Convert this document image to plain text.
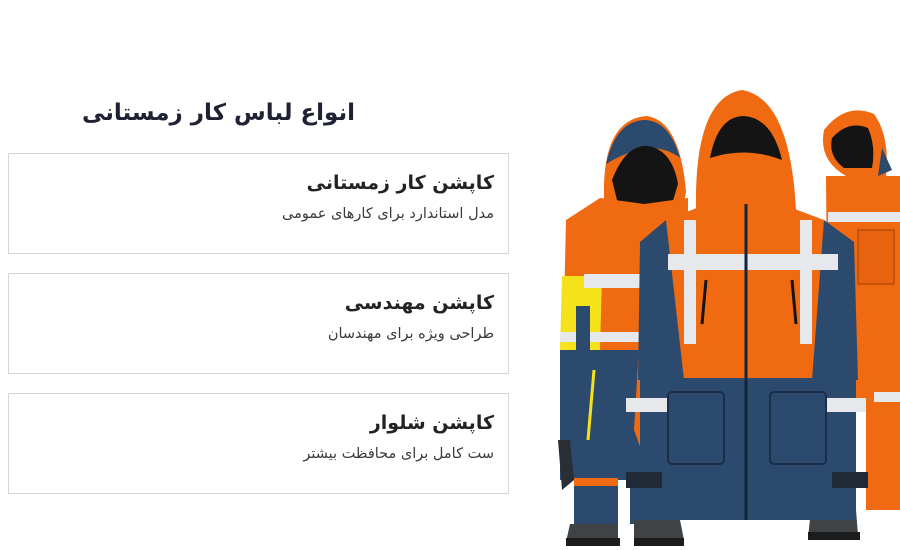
انواع لباس کار زمستانی
کاپشن کار زمستانی
مدل استاندارد برای کارهای عمومی
کاپشن مهندسی
طراحی ویژه برای مهندسان
کاپشن شلوار
ست کامل برای محافظت بیشتر
